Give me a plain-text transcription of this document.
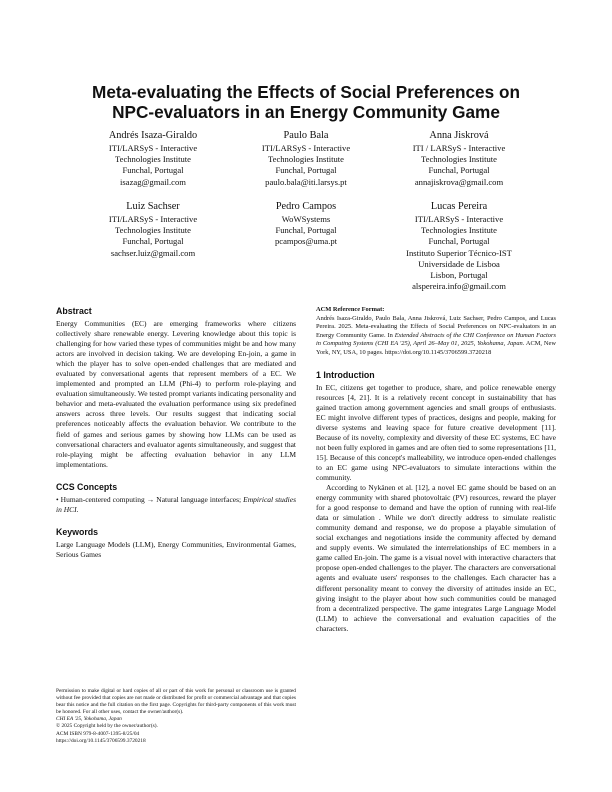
Meta-evaluating the Effects of Social Preferences on
NPC-evaluators in an Energy Community Game
Andrés Isaza-Giraldo
ITI/LARSyS - Interactive
Technologies Institute
Funchal, Portugal
isazag@gmail.com
Paulo Bala
ITI/LARSyS - Interactive
Technologies Institute
Funchal, Portugal
paulo.bala@iti.larsys.pt
Anna Jiskrová
ITI / LARSyS - Interactive
Technologies Institute
Funchal, Portugal
annajiskrova@gmail.com
Luiz Sachser
ITI/LARSyS - Interactive
Technologies Institute
Funchal, Portugal
sachser.luiz@gmail.com
Pedro Campos
WoWSystems
Funchal, Portugal
pcampos@uma.pt
Lucas Pereira
ITI/LARSyS - Interactive
Technologies Institute
Funchal, Portugal
Instituto Superior Técnico-IST
Universidade de Lisboa
Lisbon, Portugal
alspereira.info@gmail.com
Abstract

Energy Communities (EC) are emerging frameworks where citizens collectively share renewable energy. Levering knowledge about this topic is challenging for how varied these types of communities might be and how many actors are involved in decision taking. We are developing En-join, a game in which the player has to solve open-ended challenges that are mediated and evaluated by conversational agents that represent members of a EC. We implemented and prompted an LLM (Phi-4) to perform role-playing and evaluation simultaneously. We tested prompt variants indicating personality and behavior and meta-evaluated the evaluation performance using six predefined answers across three levels. Our results suggest that indicating social preferences noticeably affects the evaluation behavior. We contribute to the field of games and serious games by showing how LLMs can be used as conversational characters and evaluator agents simultaneously, and suggest that role-playing might be affecting evaluation behavior in any LLM implementations.

CCS Concepts

• Human-centered computing → Natural language interfaces; Empirical studies in HCI.

Keywords

Large Language Models (LLM), Energy Communities, Environmental Games, Serious Games

Permission to make digital or hard copies of all or part of this work for personal or classroom use is granted without fee provided that copies are not made or distributed for profit or commercial advantage and that copies bear this notice and the full citation on the first page. Copyrights for third-party components of this work must be honored. For all other uses, contact the owner/author(s).

CHI EA '25, Yokohama, Japan

© 2025 Copyright held by the owner/author(s).

ACM ISBN 979-8-4007-1395-8/25/04

https://doi.org/10.1145/3706599.3720218

ACM Reference Format:
Andrés Isaza-Giraldo, Paulo Bala, Anna Jiskrová, Luiz Sachser, Pedro Campos, and Lucas Pereira. 2025. Meta-evaluating the Effects of Social Preferences on NPC-evaluators in an Energy Community Game. In Extended Abstracts of the CHI Conference on Human Factors in Computing Systems (CHI EA '25), April 26–May 01, 2025, Yokohama, Japan. ACM, New York, NY, USA, 10 pages. https://doi.org/10.1145/3706599.3720218
1 Introduction

In EC, citizens get together to produce, share, and police renewable energy resources [4, 21]. It is a relatively recent concept in sustainability that has gained traction among government agencies and small groups of enthusiasts. EC might involve different types of practices, designs and people, making for diverse systems and leaving space for future creative development [11]. Because of its novelty, complexity and diversity of these EC systems, EC have not been fully explored in games and are often tied to some representations [11, 15]. Because of this concept's malleability, we introduce open-ended challenges to an EC game using NPC-evaluators to simulate interactions within the community.

According to Nykänen et al. [12], a novel EC game should be based on an energy community with shared photovoltaic (PV) resources, reward the player for a good response to demand and have the option of running with real-life data or simulation . While we don't directly address to simulate realistic community demand and response, we do propose a playable simulation of social exchanges and negotiations inside the community affected by demand and supply events. We simulated the interrelationships of EC members in a game called En-join. The game is a visual novel with interactive characters that propose open-ended challenges to the player. The characters are conversational agents and evaluate users' responses to the challenges. Each character has a different personality meant to convey the diversity of attitudes inside an EC, giving insight to the player about how such communities could be managed from a decentralized perspective. The game integrates Large Language Model (LLM) to achieve the conversational and evaluation capacities of the characters.
